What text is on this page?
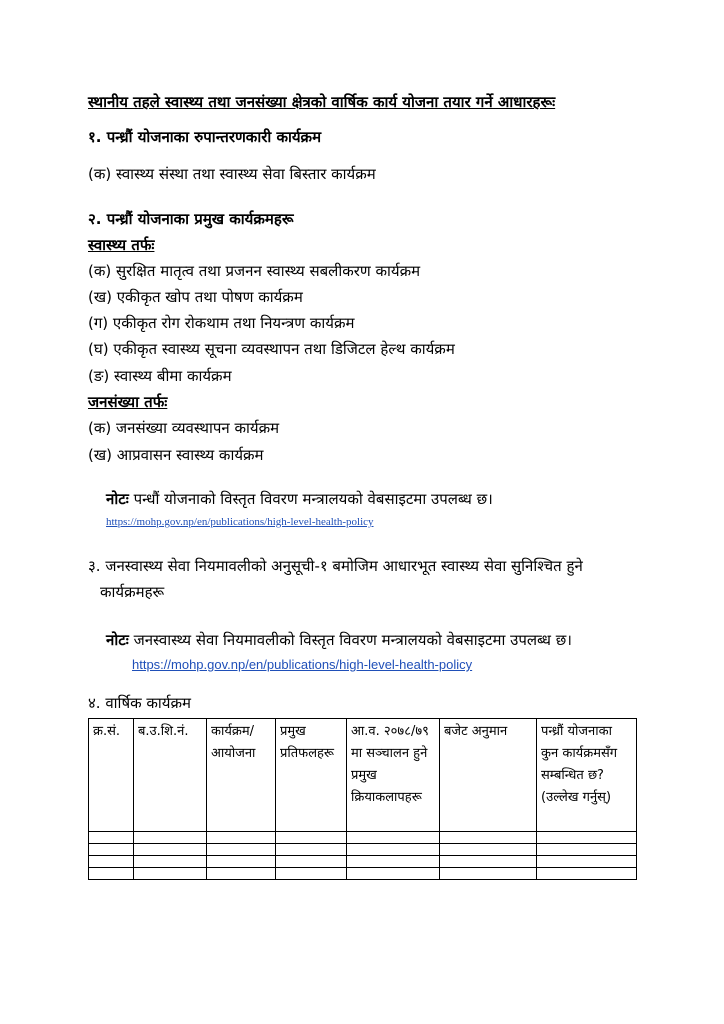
स्थानीय तहले स्वास्थ्य तथा जनसंख्या क्षेत्रको वार्षिक कार्य योजना तयार गर्ने आधारहरूः
१. पन्ध्रौं योजनाका रुपान्तरणकारी कार्यक्रम
(क) स्वास्थ्य संस्था तथा स्वास्थ्य सेवा बिस्तार कार्यक्रम
२. पन्ध्रौं योजनाका प्रमुख कार्यक्रमहरू
स्वास्थ्य तर्फः
(क) सुरक्षित मातृत्व तथा प्रजनन स्वास्थ्य सबलीकरण कार्यक्रम
(ख) एकीकृत खोप तथा पोषण कार्यक्रम
(ग) एकीकृत रोग रोकथाम तथा नियन्त्रण कार्यक्रम
(घ) एकीकृत स्वास्थ्य सूचना व्यवस्थापन तथा डिजिटल हेल्थ कार्यक्रम
(ङ) स्वास्थ्य बीमा कार्यक्रम
जनसंख्या तर्फः
(क) जनसंख्या व्यवस्थापन कार्यक्रम
(ख) आप्रवासन स्वास्थ्य कार्यक्रम
नोटः पन्धौं योजनाको विस्तृत विवरण मन्त्रालयको वेबसाइटमा उपलब्ध छ।
https://mohp.gov.np/en/publications/high-level-health-policy
३. जनस्वास्थ्य सेवा नियमावलीको अनुसूची-१ बमोजिम आधारभूत स्वास्थ्य सेवा सुनिश्चित हुने
कार्यक्रमहरू
नोटः जनस्वास्थ्य सेवा नियमावलीको विस्तृत विवरण मन्त्रालयको वेबसाइटमा उपलब्ध छ।
https://mohp.gov.np/en/publications/high-level-health-policy
४. वार्षिक कार्यक्रम
क्र.सं.	ब.उ.शि.नं.	कार्यक्रम/ आयोजना	प्रमुख प्रतिफलहरू	आ.व. २०७८/७९ मा सञ्चालन हुने प्रमुख क्रियाकलापहरू	बजेट अनुमान	पन्ध्रौं योजनाका कुन कार्यक्रमसँग सम्बन्धित छ? (उल्लेख गर्नुस्)
